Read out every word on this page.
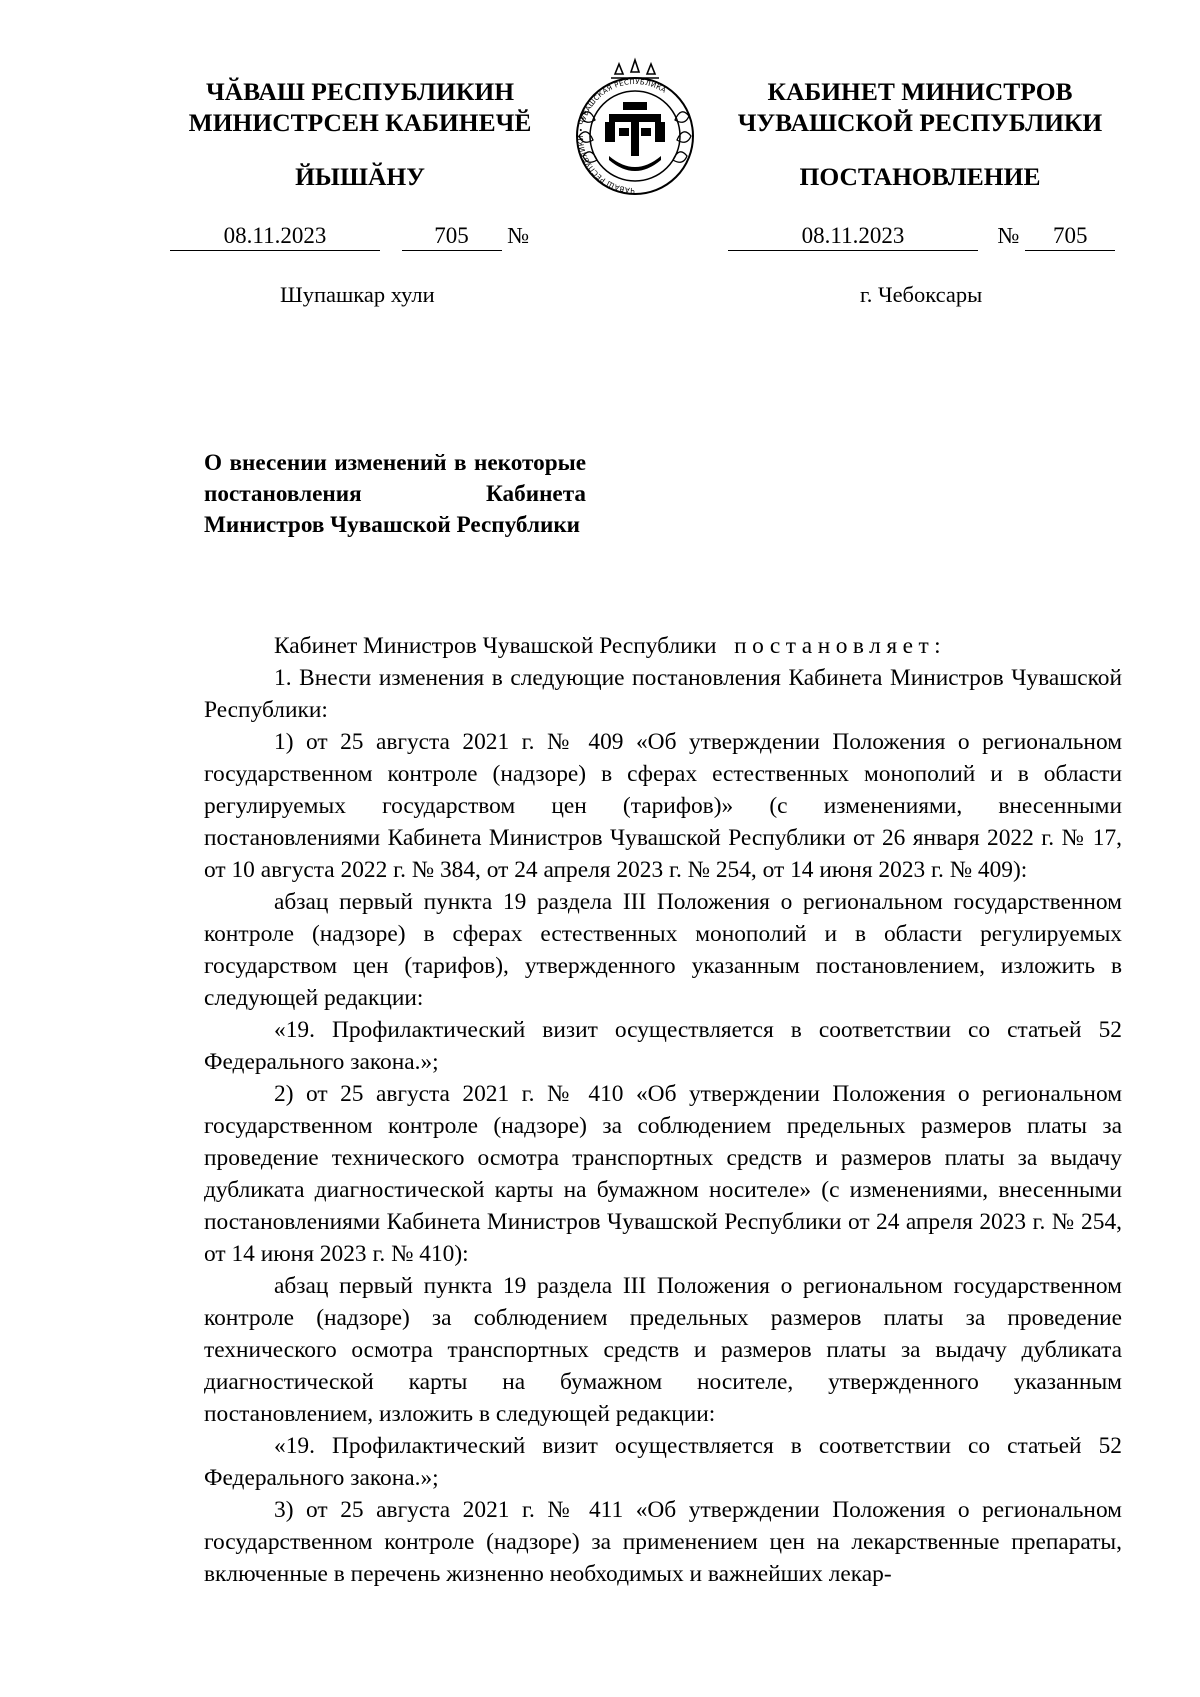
ЧӐВАШ РЕСПУБЛИКИН
МИНИСТРСЕН КАБИНЕЧӖ
ЙЫШӐНУ
КАБИНЕТ МИНИСТРОВ
ЧУВАШСКОЙ РЕСПУБЛИКИ
ПОСТАНОВЛЕНИЕ
ЧӐВАШ РЕСПУБЛИКИ • ЧУВАШСКАЯ РЕСПУБЛИКА
08.11.2023	705 №	08.11.2023	№ 705
Шупашкар хули	г. Чебоксары
О внесении изменений в некоторые постановления Кабинета Министров Чувашской Республики

Кабинет Министров Чувашской Республики постановляет:

1. Внести изменения в следующие постановления Кабинета Министров Чувашской Республики:

1) от 25 августа 2021 г. № 409 «Об утверждении Положения о региональном государственном контроле (надзоре) в сферах естественных монополий и в области регулируемых государством цен (тарифов)» (с изменениями, внесенными постановлениями Кабинета Министров Чувашской Республики от 26 января 2022 г. № 17, от 10 августа 2022 г. № 384, от 24 апреля 2023 г. № 254, от 14 июня 2023 г. № 409):

абзац первый пункта 19 раздела III Положения о региональном государственном контроле (надзоре) в сферах естественных монополий и в области регулируемых государством цен (тарифов), утвержденного указанным постановлением, изложить в следующей редакции:

«19. Профилактический визит осуществляется в соответствии со статьей 52 Федерального закона.»;

2) от 25 августа 2021 г. № 410 «Об утверждении Положения о региональном государственном контроле (надзоре) за соблюдением предельных размеров платы за проведение технического осмотра транспортных средств и размеров платы за выдачу дубликата диагностической карты на бумажном носителе» (с изменениями, внесенными постановлениями Кабинета Министров Чувашской Республики от 24 апреля 2023 г. № 254, от 14 июня 2023 г. № 410):

абзац первый пункта 19 раздела III Положения о региональном государственном контроле (надзоре) за соблюдением предельных размеров платы за проведение технического осмотра транспортных средств и размеров платы за выдачу дубликата диагностической карты на бумажном носителе, утвержденного указанным постановлением, изложить в следующей редакции:

«19. Профилактический визит осуществляется в соответствии со статьей 52 Федерального закона.»;

3) от 25 августа 2021 г. № 411 «Об утверждении Положения о региональном государственном контроле (надзоре) за применением цен на лекарственные препараты, включенные в перечень жизненно необходимых и важнейших лекар-
